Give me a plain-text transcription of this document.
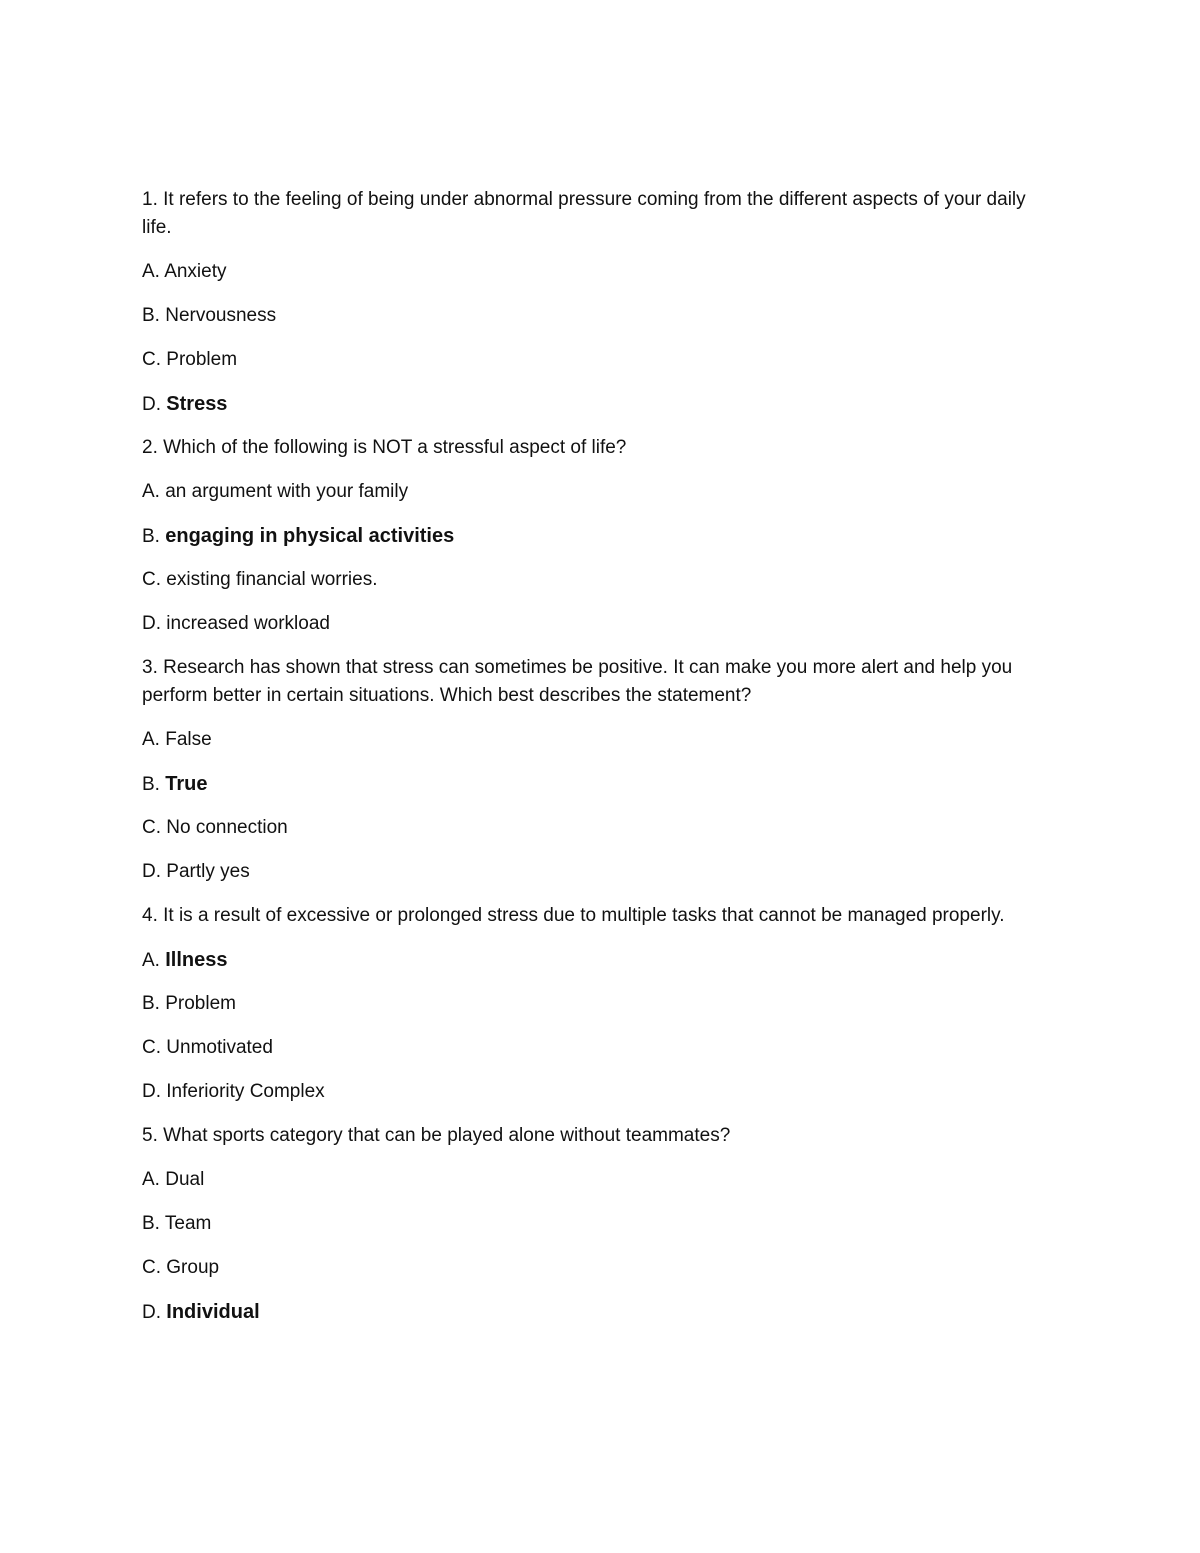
1. It refers to the feeling of being under abnormal pressure coming from the different aspects of your daily life.

A. Anxiety
B. Nervousness
C. Problem
D. Stress

2. Which of the following is NOT a stressful aspect of life?

A. an argument with your family
B. engaging in physical activities
C. existing financial worries.
D. increased workload

3. Research has shown that stress can sometimes be positive. It can make you more alert and help you perform better in certain situations. Which best describes the statement?

A. False
B. True
C. No connection
D. Partly yes

4. It is a result of excessive or prolonged stress due to multiple tasks that cannot be managed properly.

A. Illness
B. Problem
C. Unmotivated
D. Inferiority Complex

5. What sports category that can be played alone without teammates?

A. Dual
B. Team
C. Group
D. Individual
